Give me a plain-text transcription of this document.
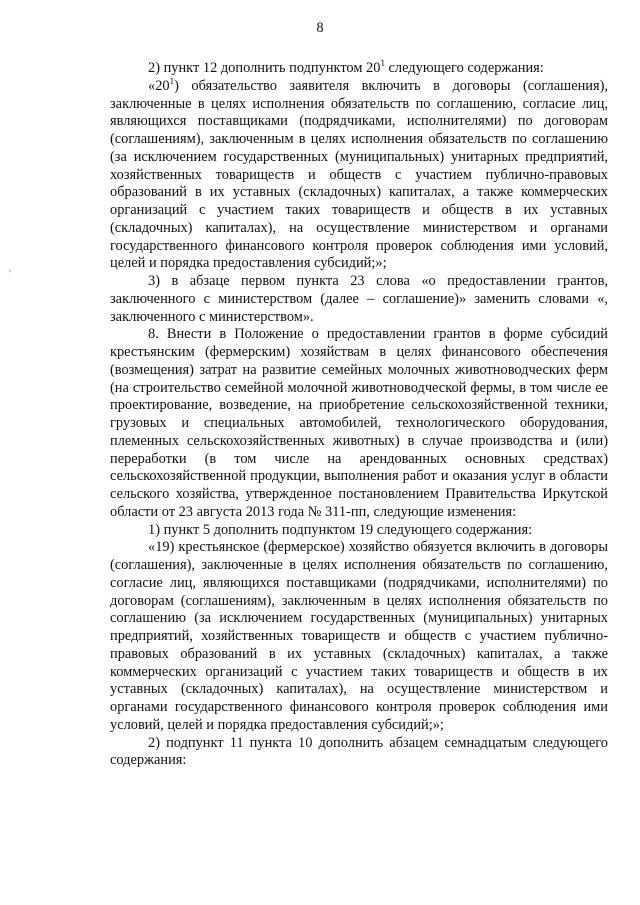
8
'

2) пункт 12 дополнить подпунктом $20^1$ следующего содержания:

«$20^1$) обязательство заявителя включить в договоры (соглашения), заключенные в целях исполнения обязательств по соглашению, согласие лиц, являющихся поставщиками (подрядчиками, исполнителями) по договорам (соглашениям), заключенным в целях исполнения обязательств по соглашению (за исключением государственных (муниципальных) унитарных предприятий, хозяйственных товариществ и обществ с участием публично-правовых образований в их уставных (складочных) капиталах, а также коммерческих организаций с участием таких товариществ и обществ в их уставных (складочных) капиталах), на осуществление министерством и органами государственного финансового контроля проверок соблюдения ими условий, целей и порядка предоставления субсидий;»;

3) в абзаце первом пункта 23 слова «о предоставлении грантов, заключенного с министерством (далее – соглашение)» заменить словами «, заключенного с министерством».

8. Внести в Положение о предоставлении грантов в форме субсидий крестьянским (фермерским) хозяйствам в целях финансового обеспечения (возмещения) затрат на развитие семейных молочных животноводческих ферм (на строительство семейной молочной животноводческой фермы, в том числе ее проектирование, возведение, на приобретение сельскохозяйственной техники, грузовых и специальных автомобилей, технологического оборудования, племенных сельскохозяйственных животных) в случае производства и (или) переработки (в том числе на арендованных основных средствах) сельскохозяйственной продукции, выполнения работ и оказания услуг в области сельского хозяйства, утвержденное постановлением Правительства Иркутской области от 23 августа 2013 года № 311-пп, следующие изменения:

1) пункт 5 дополнить подпунктом 19 следующего содержания:

«19) крестьянское (фермерское) хозяйство обязуется включить в договоры (соглашения), заключенные в целях исполнения обязательств по соглашению, согласие лиц, являющихся поставщиками (подрядчиками, исполнителями) по договорам (соглашениям), заключенным в целях исполнения обязательств по соглашению (за исключением государственных (муниципальных) унитарных предприятий, хозяйственных товариществ и обществ с участием публично-правовых образований в их уставных (складочных) капиталах, а также коммерческих организаций с участием таких товариществ и обществ в их уставных (складочных) капиталах), на осуществление министерством и органами государственного финансового контроля проверок соблюдения ими условий, целей и порядка предоставления субсидий;»;

2) подпункт 11 пункта 10 дополнить абзацем семнадцатым следующего содержания:
